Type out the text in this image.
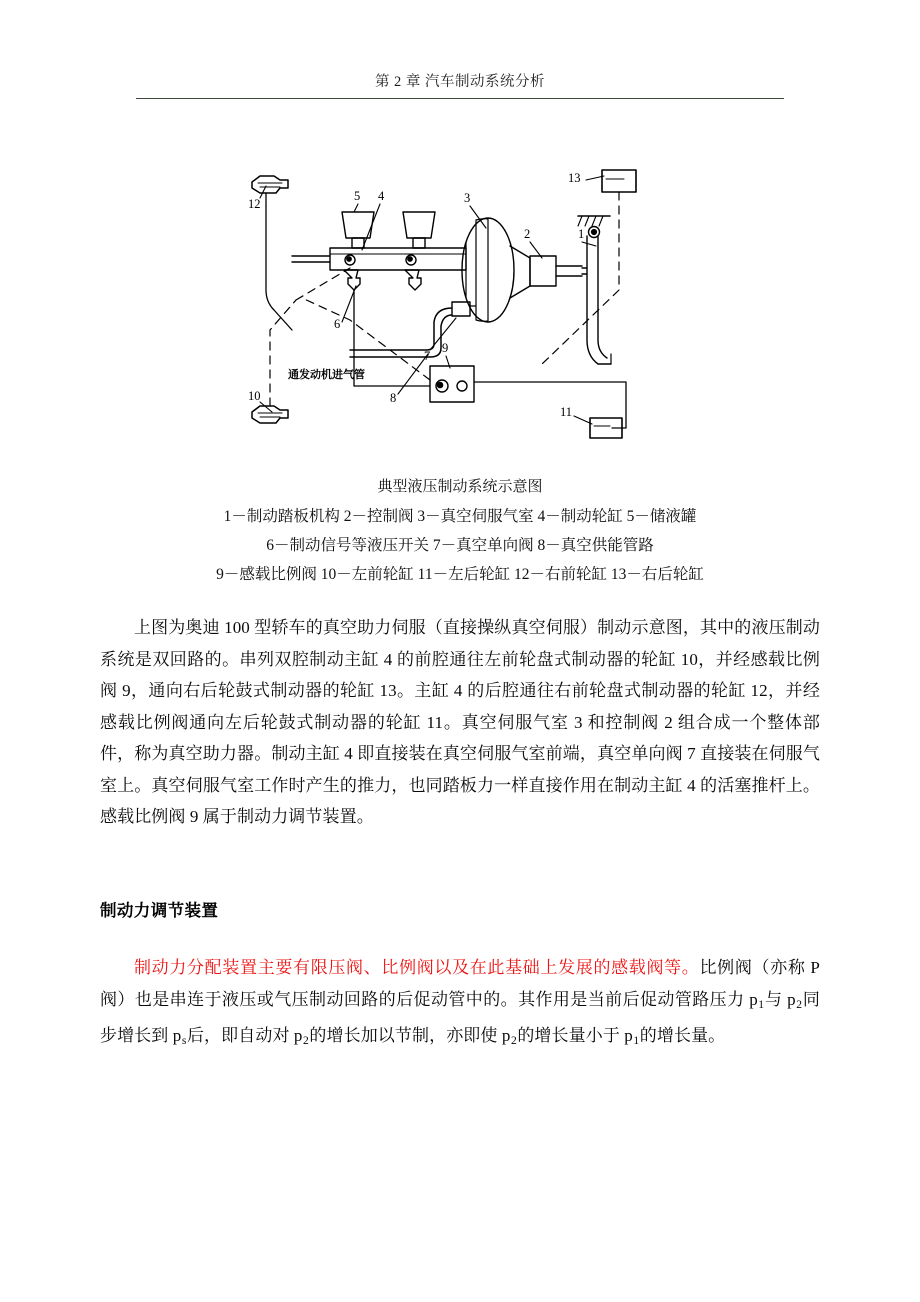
第 2 章 汽车制动系统分析
12
5 4	3
2	1
6
7
8
9
10
11
13
通发动机进气管
典型液压制动系统示意图
1－制动踏板机构 2－控制阀 3－真空伺服气室 4－制动轮缸 5－储液罐
6－制动信号等液压开关 7－真空单向阀 8－真空供能管路
9－感载比例阀 10－左前轮缸 11－左后轮缸 12－右前轮缸 13－右后轮缸

上图为奥迪 100 型轿车的真空助力伺服（直接操纵真空伺服）制动示意图，其中的液压制动系统是双回路的。串列双腔制动主缸 4 的前腔通往左前轮盘式制动器的轮缸 10，并经感载比例阀 9，通向右后轮鼓式制动器的轮缸 13。主缸 4 的后腔通往右前轮盘式制动器的轮缸 12，并经感载比例阀通向左后轮鼓式制动器的轮缸 11。真空伺服气室 3 和控制阀 2 组合成一个整体部件，称为真空助力器。制动主缸 4 即直接装在真空伺服气室前端，真空单向阀 7 直接装在伺服气室上。真空伺服气室工作时产生的推力，也同踏板力一样直接作用在制动主缸 4 的活塞推杆上。感载比例阀 9 属于制动力调节装置。

制动力调节装置

制动力分配装置主要有限压阀、比例阀以及在此基础上发展的感载阀等。比例阀（亦称 P 阀）也是串连于液压或气压制动回路的后促动管中的。其作用是当前后促动管路压力 $p_1$与 $p_2$同步增长到 $p_s$后，即自动对 $p_2$的增长加以节制，亦即使 $p_2$的增长量小于 $p_1$的增长量。
